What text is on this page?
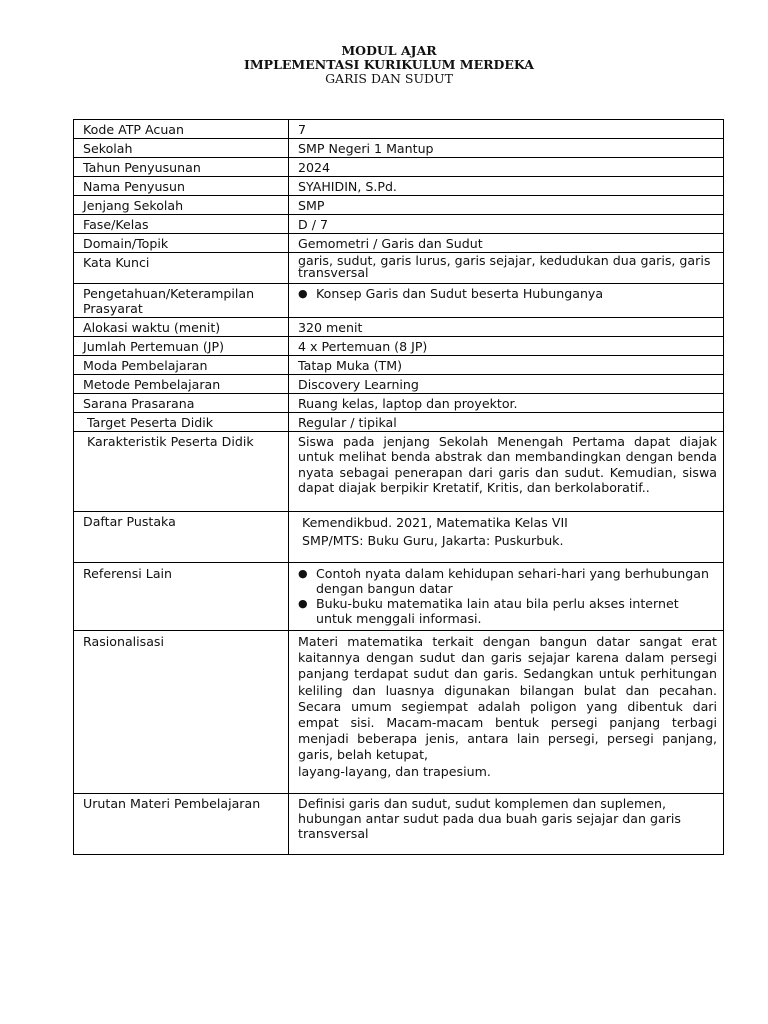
MODUL AJAR
IMPLEMENTASI KURIKULUM MERDEKA
GARIS DAN SUDUT
Kode ATP Acuan	7
Sekolah	SMP Negeri 1 Mantup
Tahun Penyusunan	2024
Nama Penyusun	SYAHIDIN, S.Pd.
Jenjang Sekolah	SMP
Fase/Kelas	D / 7
Domain/Topik	Gemometri / Garis dan Sudut
Kata Kunci	garis, sudut, garis lurus, garis sejajar, kedudukan dua garis, garis transversal
Pengetahuan/Keterampilan Prasyarat	● Konsep Garis dan Sudut beserta Hubunganya

Alokasi waktu (menit)	320 menit
Jumlah Pertemuan (JP)	4 x Pertemuan (8 JP)
Moda Pembelajaran	Tatap Muka (TM)
Metode Pembelajaran	Discovery Learning
Sarana Prasarana	Ruang kelas, laptop dan proyektor.
Target Peserta Didik	Regular / tipikal
Karakteristik Peserta Didik	Siswa pada jenjang Sekolah Menengah Pertama dapat diajak untuk melihat benda abstrak dan membandingkan dengan benda nyata sebagai penerapan dari garis dan sudut. Kemudian, siswa dapat diajak berpikir Kretatif, Kritis, dan berkolaboratif..
Daftar Pustaka	Kemendikbud. 2021, Matematika Kelas VII
SMP/MTS: Buku Guru, Jakarta: Puskurbuk.

Referensi Lain	● Contoh nyata dalam kehidupan sehari-hari yang berhubungan dengan bangun datar
● Buku-buku matematika lain atau bila perlu akses internet untuk menggali informasi.

Rasionalisasi	Materi matematika terkait dengan bangun datar sangat erat kaitannya dengan sudut dan garis sejajar karena dalam persegi panjang terdapat sudut dan garis. Sedangkan untuk perhitungan keliling dan luasnya digunakan bilangan bulat dan pecahan. Secara umum segiempat adalah poligon yang dibentuk dari empat sisi. Macam-macam bentuk persegi panjang terbagi menjadi beberapa jenis, antara lain persegi, persegi panjang, garis, belah ketupat,
layang-layang, dan trapesium.

Urutan Materi Pembelajaran	Definisi garis dan sudut, sudut komplemen dan suplemen, hubungan antar sudut pada dua buah garis sejajar dan garis transversal
